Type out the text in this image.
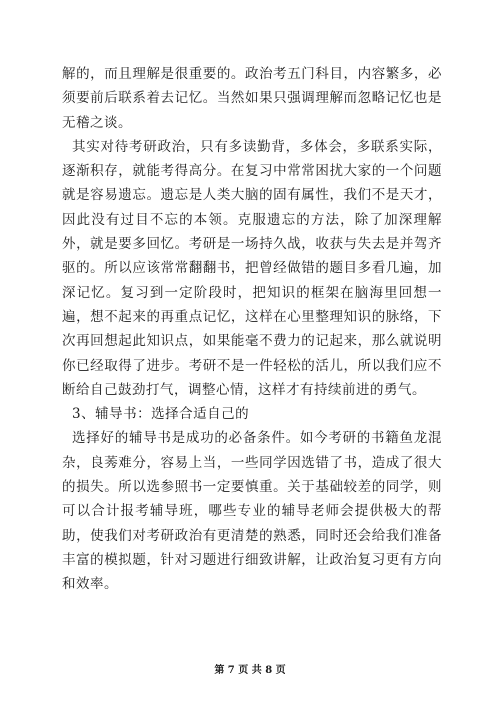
解的，而且理解是很重要的。政治考五门科目，内容繁多，必须要前后联系着去记忆。当然如果只强调理解而忽略记忆也是无稽之谈。

其实对待考研政治，只有多读勤背，多体会，多联系实际，逐渐积存，就能考得高分。在复习中常常困扰大家的一个问题就是容易遗忘。遗忘是人类大脑的固有属性，我们不是天才，因此没有过目不忘的本领。克服遗忘的方法，除了加深理解外，就是要多回忆。考研是一场持久战，收获与失去是并驾齐驱的。所以应该常常翻翻书，把曾经做错的题目多看几遍，加深记忆。复习到一定阶段时，把知识的框架在脑海里回想一遍，想不起来的再重点记忆，这样在心里整理知识的脉络，下次再回想起此知识点，如果能毫不费力的记起来，那么就说明你已经取得了进步。考研不是一件轻松的活儿，所以我们应不断给自己鼓劲打气，调整心情，这样才有持续前进的勇气。

3、辅导书：选择合适自己的

选择好的辅导书是成功的必备条件。如今考研的书籍鱼龙混杂，良莠难分，容易上当，一些同学因选错了书，造成了很大的损失。所以选参照书一定要慎重。关于基础较差的同学，则可以合计报考辅导班，哪些专业的辅导老师会提供极大的帮助，使我们对考研政治有更清楚的熟悉，同时还会给我们准备丰富的模拟题，针对习题进行细致讲解，让政治复习更有方向和效率。

第 7 页 共 8 页
